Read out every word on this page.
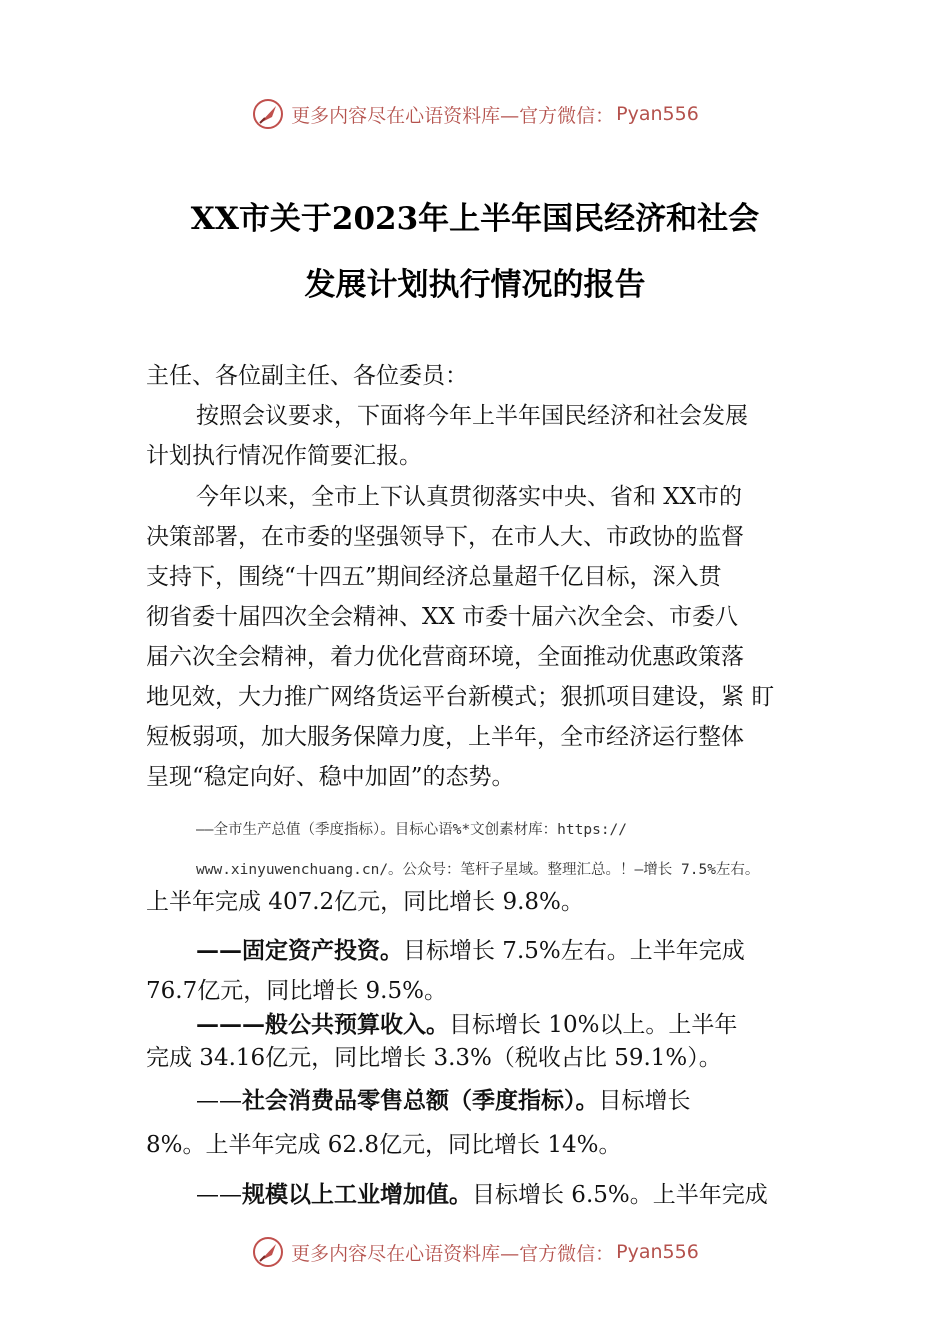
更多内容尽在心语资料库—官方微信： Pyan556
XX市关于2023年上半年国民经济和社会
发展计划执行情况的报告
主任、各位副主任、各位委员：
按照会议要求，下面将今年上半年国民经济和社会发展
计划执行情况作简要汇报。
今年以来，全市上下认真贯彻落实中央、省和 XX市的
决策部署，在市委的坚强领导下，在市人大、市政协的监督
支持下，围绕“十四五”期间经济总量超千亿目标，深入贯
彻省委十届四次全会精神、XX 市委十届六次全会、市委八
届六次全会精神，着力优化营商环境，全面推动优惠政策落
地见效，大力推广网络货运平台新模式；狠抓项目建设，紧 盯
短板弱项，加大服务保障力度，上半年，全市经济运行整体
呈现“稳定向好、稳中加固”的态势。
——全市生产总值（季度指标）。目标心语%*文创素材库：https://
www.xinyuwenchuang.cn/。公众号：笔杆子星域。整理汇总。！—增长 7.5%左右。
上半年完成 407.2亿元，同比增长 9.8%。
——固定资产投资。目标增长 7.5%左右。上半年完成
76.7亿元，同比增长 9.5%。
———般公共预算收入。目标增长 10%以上。上半年
完成 34.16亿元，同比增长 3.3%（税收占比 59.1%）。
——社会消费品零售总额（季度指标）。目标增长
8%。上半年完成 62.8亿元，同比增长 14%。
——规模以上工业增加值。目标增长 6.5%。上半年完成
更多内容尽在心语资料库—官方微信： Pyan556
